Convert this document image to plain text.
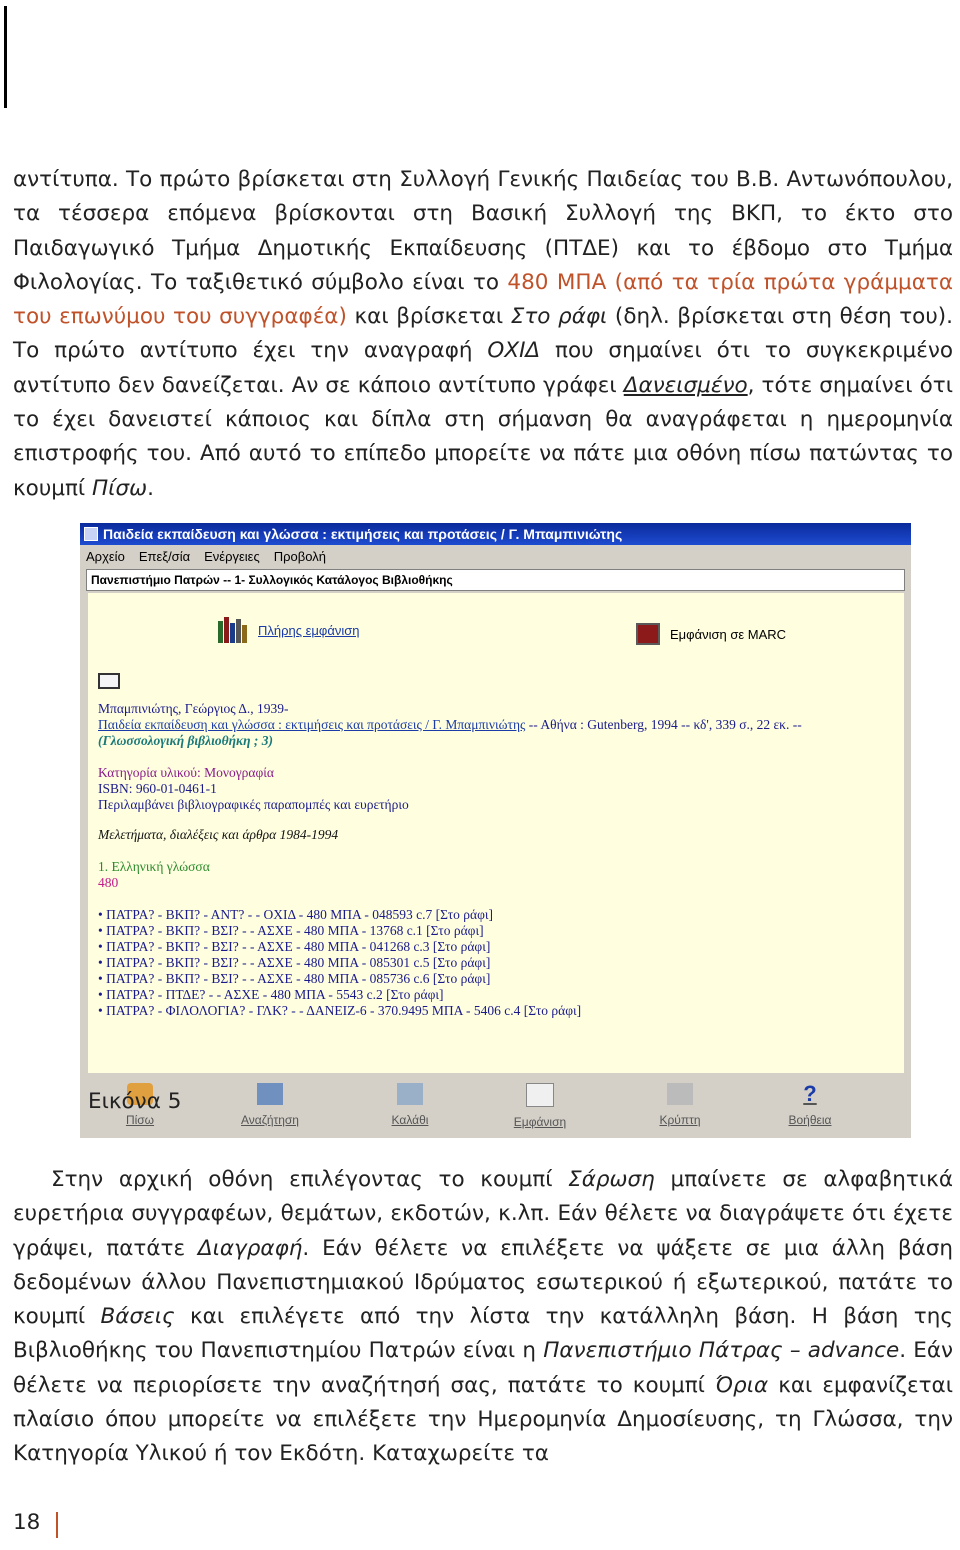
αντίτυπα. Το πρώτο βρίσκεται στη Συλλογή Γενικής Παιδείας του Β.Β. Αντωνόπουλου, τα τέσσερα επόμενα βρίσκονται στη Βασική Συλλογή της ΒΚΠ, το έκτο στο Παιδαγωγικό Τμήμα Δημοτικής Εκπαίδευσης (ΠΤΔΕ) και το έβδομο στο Τμήμα Φιλολογίας. Το ταξιθετικό σύμβολο είναι το 480 ΜΠΑ (από τα τρία πρώτα γράμματα του επωνύμου του συγγραφέα) και βρίσκεται Στο ράφι (δηλ. βρίσκεται στη θέση του). Το πρώτο αντίτυπο έχει την αναγραφή ΟΧΙΔ που σημαίνει ότι το συγκεκριμένο αντίτυπο δεν δανείζεται. Αν σε κάποιο αντίτυπο γράφει Δανεισμένο, τότε σημαίνει ότι το έχει δανειστεί κάποιος και δίπλα στη σήμανση θα αναγράφεται η ημερομηνία επιστροφής του. Από αυτό το επίπεδο μπορείτε να πάτε μια οθόνη πίσω πατώντας το κουμπί Πίσω.

Παιδεία εκπαίδευση και γλώσσα : εκτιμήσεις και προτάσεις / Γ. Μπαμπινιώτης
Αρχείο Επεξ/σία Ενέργειες Προβολή
Πανεπιστήμιο Πατρών -- 1- Συλλογικός Κατάλογος Βιβλιοθήκης
Πλήρης εμφάνιση	Εμφάνιση σε MARC
Μπαμπινιώτης, Γεώργιος Δ., 1939-
Παιδεία εκπαίδευση και γλώσσα : εκτιμήσεις και προτάσεις / Γ. Μπαμπινιώτης -- Αθήνα : Gutenberg, 1994 -- κδ', 339 σ., 22 εκ. --
(Γλωσσολογική βιβλιοθήκη ; 3)
Κατηγορία υλικού: Μονογραφία
ISBN: 960-01-0461-1
Περιλαμβάνει βιβλιογραφικές παραπομπές και ευρετήριο
Μελετήματα, διαλέξεις και άρθρα 1984-1994
1. Ελληνική γλώσσα
480
• ΠΑΤΡΑ? - ΒΚΠ? - ΑΝΤ? - - ΟΧΙΔ - 480 ΜΠΑ - 048593 c.7 [Στο ράφι]
• ΠΑΤΡΑ? - ΒΚΠ? - ΒΣΙ? - - ΑΣΧΕ - 480 ΜΠΑ - 13768 c.1 [Στο ράφι]
• ΠΑΤΡΑ? - ΒΚΠ? - ΒΣΙ? - - ΑΣΧΕ - 480 ΜΠΑ - 041268 c.3 [Στο ράφι]
• ΠΑΤΡΑ? - ΒΚΠ? - ΒΣΙ? - - ΑΣΧΕ - 480 ΜΠΑ - 085301 c.5 [Στο ράφι]
• ΠΑΤΡΑ? - ΒΚΠ? - ΒΣΙ? - - ΑΣΧΕ - 480 ΜΠΑ - 085736 c.6 [Στο ράφι]
• ΠΑΤΡΑ? - ΠΤΔΕ? - - ΑΣΧΕ - 480 ΜΠΑ - 5543 c.2 [Στο ράφι]
• ΠΑΤΡΑ? - ΦΙΛΟΛΟΓΙΑ? - ΓΛΚ? - - ΔΑΝΕΙΖ-6 - 370.9495 ΜΠΑ - 5406 c.4 [Στο ράφι]
Πίσω	Αναζήτηση	Καλάθι	Εμφάνιση	Κρύπτη
?
Βοήθεια
Εικόνα 5

Στην αρχική οθόνη επιλέγοντας το κουμπί Σάρωση μπαίνετε σε αλφαβητικά ευρετήρια συγγραφέων, θεμάτων, εκδοτών, κ.λπ. Εάν θέλετε να διαγράψετε ότι έχετε γράψει, πατάτε Διαγραφή. Εάν θέλετε να επιλέξετε να ψάξετε σε μια άλλη βάση δεδομένων άλλου Πανεπιστημιακού Ιδρύματος εσωτερικού ή εξωτερικού, πατάτε το κουμπί Βάσεις και επιλέγετε από την λίστα την κατάλληλη βάση. Η βάση της Βιβλιοθήκης του Πανεπιστημίου Πατρών είναι η Πανεπιστήμιο Πάτρας – advance. Εάν θέλετε να περιορίσετε την αναζήτησή σας, πατάτε το κουμπί Όρια και εμφανίζεται πλαίσιο όπου μπορείτε να επιλέξετε την Ημερομηνία Δημοσίευσης, τη Γλώσσα, την Κατηγορία Υλικού ή τον Εκδότη. Καταχωρείτε τα

18
